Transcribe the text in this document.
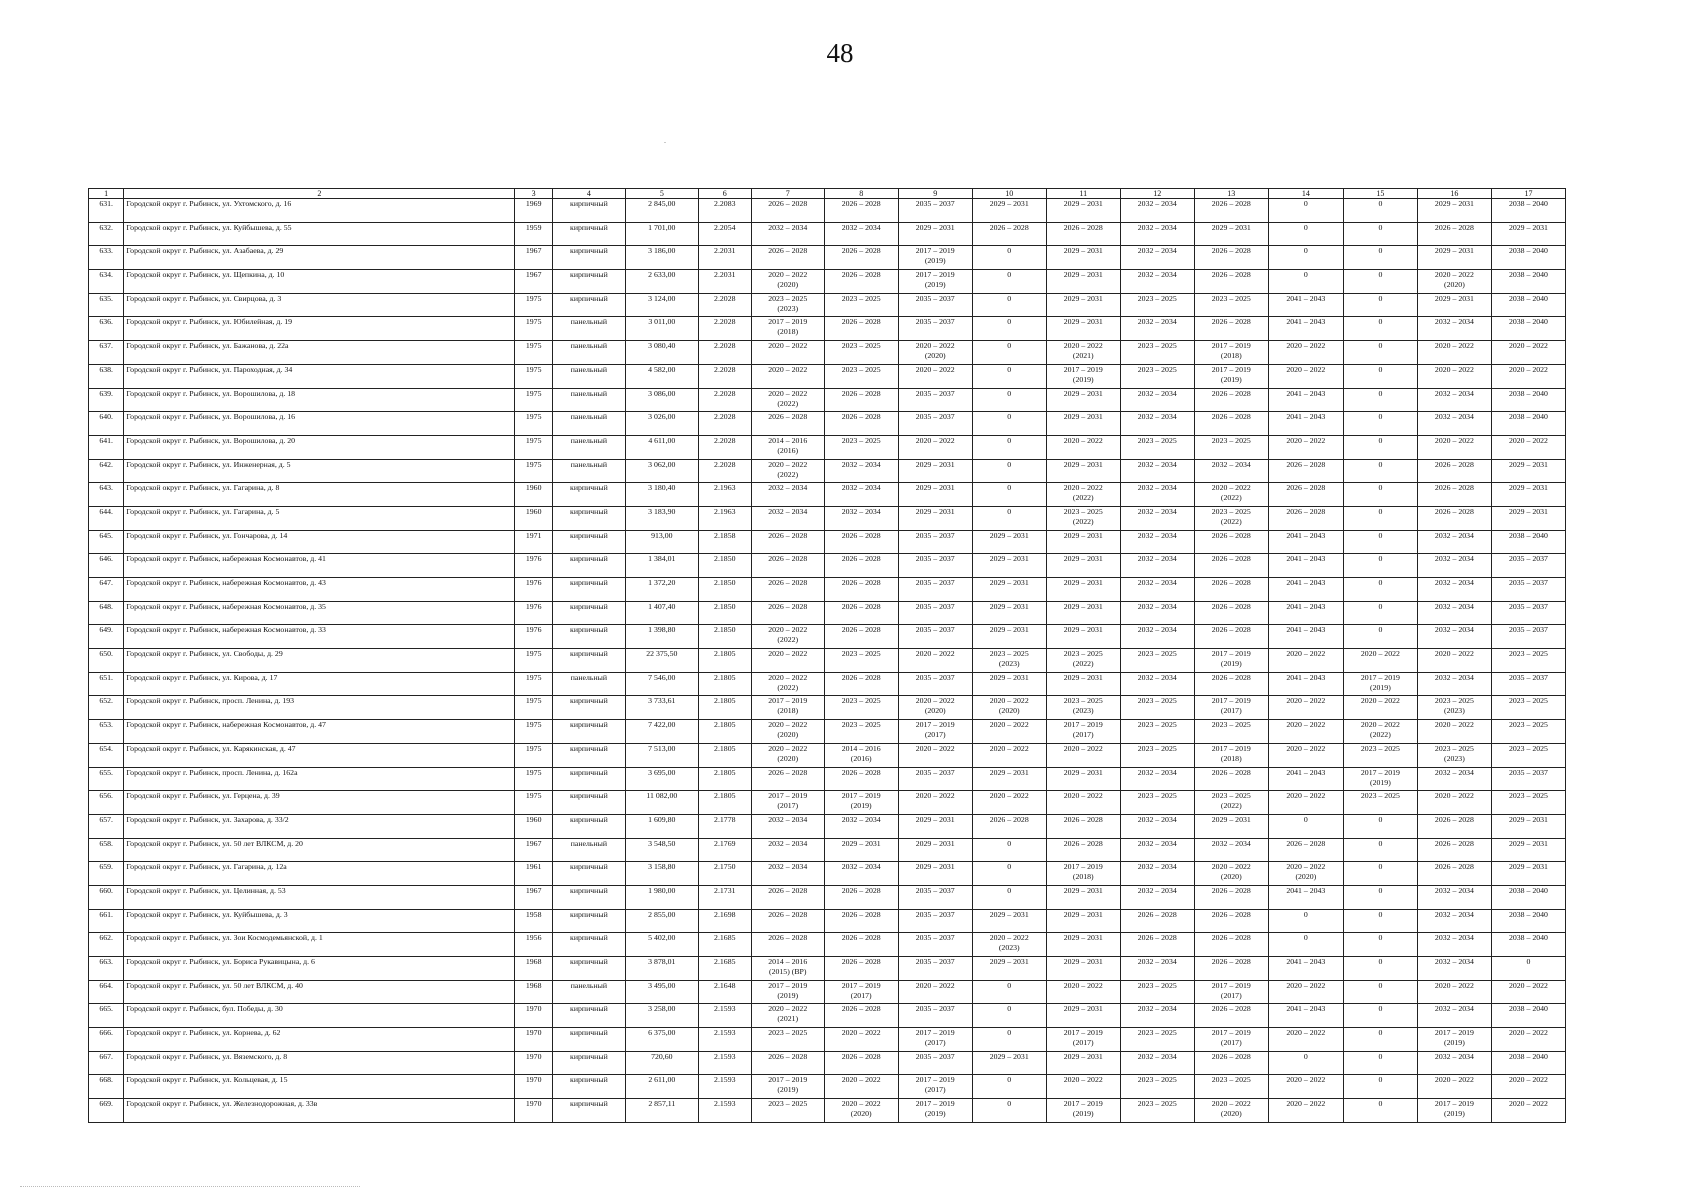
48
.
1	2	3	4	5	6	7	8	9	10	11	12	13	14	15	16	17
631.	Городской округ г. Рыбинск, ул. Ухтомского, д. 16	1969	кирпичный	2 845,00	2.2083	2026 – 2028	2026 – 2028	2035 – 2037	2029 – 2031	2029 – 2031	2032 – 2034	2026 – 2028	0	0	2029 – 2031	2038 – 2040

632.	Городской округ г. Рыбинск, ул. Куйбышева, д. 55	1959	кирпичный	1 701,00	2.2054	2032 – 2034	2032 – 2034	2029 – 2031	2026 – 2028	2026 – 2028	2032 – 2034	2029 – 2031	0	0	2026 – 2028	2029 – 2031

633.	Городской округ г. Рыбинск, ул. Азабаева, д. 29	1967	кирпичный	3 186,00	2.2031	2026 – 2028	2026 – 2028	2017 – 2019
(2019)	0	2029 – 2031	2032 – 2034	2026 – 2028	0	0	2029 – 2031	2038 – 2040

634.	Городской округ г. Рыбинск, ул. Щепкина, д. 10	1967	кирпичный	2 633,00	2.2031	2020 – 2022
(2020)	2026 – 2028	2017 – 2019
(2019)	0	2029 – 2031	2032 – 2034	2026 – 2028	0	0	2020 – 2022
(2020)	2038 – 2040

635.	Городской округ г. Рыбинск, ул. Свирцова, д. 3	1975	кирпичный	3 124,00	2.2028	2023 – 2025
(2023)	2023 – 2025	2035 – 2037	0	2029 – 2031	2023 – 2025	2023 – 2025	2041 – 2043	0	2029 – 2031	2038 – 2040

636.	Городской округ г. Рыбинск, ул. Юбилейная, д. 19	1975	панельный	3 011,00	2.2028	2017 – 2019
(2018)	2026 – 2028	2035 – 2037	0	2029 – 2031	2032 – 2034	2026 – 2028	2041 – 2043	0	2032 – 2034	2038 – 2040

637.	Городской округ г. Рыбинск, ул. Бажанова, д. 22а	1975	панельный	3 080,40	2.2028	2020 – 2022	2023 – 2025	2020 – 2022
(2020)	0	2020 – 2022
(2021)	2023 – 2025	2017 – 2019
(2018)	2020 – 2022	0	2020 – 2022	2020 – 2022

638.	Городской округ г. Рыбинск, ул. Пароходная, д. 34	1975	панельный	4 582,00	2.2028	2020 – 2022	2023 – 2025	2020 – 2022	0	2017 – 2019
(2019)	2023 – 2025	2017 – 2019
(2019)	2020 – 2022	0	2020 – 2022	2020 – 2022

639.	Городской округ г. Рыбинск, ул. Ворошилова, д. 18	1975	панельный	3 086,00	2.2028	2020 – 2022
(2022)	2026 – 2028	2035 – 2037	0	2029 – 2031	2032 – 2034	2026 – 2028	2041 – 2043	0	2032 – 2034	2038 – 2040

640.	Городской округ г. Рыбинск, ул. Ворошилова, д. 16	1975	панельный	3 026,00	2.2028	2026 – 2028	2026 – 2028	2035 – 2037	0	2029 – 2031	2032 – 2034	2026 – 2028	2041 – 2043	0	2032 – 2034	2038 – 2040

641.	Городской округ г. Рыбинск, ул. Ворошилова, д. 20	1975	панельный	4 611,00	2.2028	2014 – 2016
(2016)	2023 – 2025	2020 – 2022	0	2020 – 2022	2023 – 2025	2023 – 2025	2020 – 2022	0	2020 – 2022	2020 – 2022

642.	Городской округ г. Рыбинск, ул. Инженерная, д. 5	1975	панельный	3 062,00	2.2028	2020 – 2022
(2022)	2032 – 2034	2029 – 2031	0	2029 – 2031	2032 – 2034	2032 – 2034	2026 – 2028	0	2026 – 2028	2029 – 2031

643.	Городской округ г. Рыбинск, ул. Гагарина, д. 8	1960	кирпичный	3 180,40	2.1963	2032 – 2034	2032 – 2034	2029 – 2031	0	2020 – 2022
(2022)	2032 – 2034	2020 – 2022
(2022)	2026 – 2028	0	2026 – 2028	2029 – 2031

644.	Городской округ г. Рыбинск, ул. Гагарина, д. 5	1960	кирпичный	3 183,90	2.1963	2032 – 2034	2032 – 2034	2029 – 2031	0	2023 – 2025
(2022)	2032 – 2034	2023 – 2025
(2022)	2026 – 2028	0	2026 – 2028	2029 – 2031

645.	Городской округ г. Рыбинск, ул. Гончарова, д. 14	1971	кирпичный	913,00	2.1858	2026 – 2028	2026 – 2028	2035 – 2037	2029 – 2031	2029 – 2031	2032 – 2034	2026 – 2028	2041 – 2043	0	2032 – 2034	2038 – 2040

646.	Городской округ г. Рыбинск, набережная Космонавтов, д. 41	1976	кирпичный	1 384,01	2.1850	2026 – 2028	2026 – 2028	2035 – 2037	2029 – 2031	2029 – 2031	2032 – 2034	2026 – 2028	2041 – 2043	0	2032 – 2034	2035 – 2037

647.	Городской округ г. Рыбинск, набережная Космонавтов, д. 43	1976	кирпичный	1 372,20	2.1850	2026 – 2028	2026 – 2028	2035 – 2037	2029 – 2031	2029 – 2031	2032 – 2034	2026 – 2028	2041 – 2043	0	2032 – 2034	2035 – 2037

648.	Городской округ г. Рыбинск, набережная Космонавтов, д. 35	1976	кирпичный	1 407,40	2.1850	2026 – 2028	2026 – 2028	2035 – 2037	2029 – 2031	2029 – 2031	2032 – 2034	2026 – 2028	2041 – 2043	0	2032 – 2034	2035 – 2037

649.	Городской округ г. Рыбинск, набережная Космонавтов, д. 33	1976	кирпичный	1 398,80	2.1850	2020 – 2022
(2022)	2026 – 2028	2035 – 2037	2029 – 2031	2029 – 2031	2032 – 2034	2026 – 2028	2041 – 2043	0	2032 – 2034	2035 – 2037

650.	Городской округ г. Рыбинск, ул. Свободы, д. 29	1975	кирпичный	22 375,50	2.1805	2020 – 2022	2023 – 2025	2020 – 2022	2023 – 2025
(2023)	2023 – 2025
(2022)	2023 – 2025	2017 – 2019
(2019)	2020 – 2022	2020 – 2022	2020 – 2022	2023 – 2025

651.	Городской округ г. Рыбинск, ул. Кирова, д. 17	1975	панельный	7 546,00	2.1805	2020 – 2022
(2022)	2026 – 2028	2035 – 2037	2029 – 2031	2029 – 2031	2032 – 2034	2026 – 2028	2041 – 2043	2017 – 2019
(2019)	2032 – 2034	2035 – 2037

652.	Городской округ г. Рыбинск, просп. Ленина, д. 193	1975	кирпичный	3 733,61	2.1805	2017 – 2019
(2018)	2023 – 2025	2020 – 2022
(2020)	2020 – 2022
(2020)	2023 – 2025
(2023)	2023 – 2025	2017 – 2019
(2017)	2020 – 2022	2020 – 2022	2023 – 2025
(2023)	2023 – 2025

653.	Городской округ г. Рыбинск, набережная Космонавтов, д. 47	1975	кирпичный	7 422,00	2.1805	2020 – 2022
(2020)	2023 – 2025	2017 – 2019
(2017)	2020 – 2022	2017 – 2019
(2017)	2023 – 2025	2023 – 2025	2020 – 2022	2020 – 2022
(2022)	2020 – 2022	2023 – 2025

654.	Городской округ г. Рыбинск, ул. Карякинская, д. 47	1975	кирпичный	7 513,00	2.1805	2020 – 2022
(2020)	2014 – 2016
(2016)	2020 – 2022	2020 – 2022	2020 – 2022	2023 – 2025	2017 – 2019
(2018)	2020 – 2022	2023 – 2025	2023 – 2025
(2023)	2023 – 2025

655.	Городской округ г. Рыбинск, просп. Ленина, д. 162а	1975	кирпичный	3 695,00	2.1805	2026 – 2028	2026 – 2028	2035 – 2037	2029 – 2031	2029 – 2031	2032 – 2034	2026 – 2028	2041 – 2043	2017 – 2019
(2019)	2032 – 2034	2035 – 2037

656.	Городской округ г. Рыбинск, ул. Герцена, д. 39	1975	кирпичный	11 082,00	2.1805	2017 – 2019
(2017)	2017 – 2019
(2019)	2020 – 2022	2020 – 2022	2020 – 2022	2023 – 2025	2023 – 2025
(2022)	2020 – 2022	2023 – 2025	2020 – 2022	2023 – 2025

657.	Городской округ г. Рыбинск, ул. Захарова, д. 33/2	1960	кирпичный	1 609,80	2.1778	2032 – 2034	2032 – 2034	2029 – 2031	2026 – 2028	2026 – 2028	2032 – 2034	2029 – 2031	0	0	2026 – 2028	2029 – 2031

658.	Городской округ г. Рыбинск, ул. 50 лет ВЛКСМ, д. 20	1967	панельный	3 548,50	2.1769	2032 – 2034	2029 – 2031	2029 – 2031	0	2026 – 2028	2032 – 2034	2032 – 2034	2026 – 2028	0	2026 – 2028	2029 – 2031

659.	Городской округ г. Рыбинск, ул. Гагарина, д. 12а	1961	кирпичный	3 158,80	2.1750	2032 – 2034	2032 – 2034	2029 – 2031	0	2017 – 2019
(2018)	2032 – 2034	2020 – 2022
(2020)	2020 – 2022
(2020)	0	2026 – 2028	2029 – 2031

660.	Городской округ г. Рыбинск, ул. Целинная, д. 53	1967	кирпичный	1 980,00	2.1731	2026 – 2028	2026 – 2028	2035 – 2037	0	2029 – 2031	2032 – 2034	2026 – 2028	2041 – 2043	0	2032 – 2034	2038 – 2040

661.	Городской округ г. Рыбинск, ул. Куйбышева, д. 3	1958	кирпичный	2 855,00	2.1698	2026 – 2028	2026 – 2028	2035 – 2037	2029 – 2031	2029 – 2031	2026 – 2028	2026 – 2028	0	0	2032 – 2034	2038 – 2040

662.	Городской округ г. Рыбинск, ул. Зои Космодемьянской, д. 1	1956	кирпичный	5 402,00	2.1685	2026 – 2028	2026 – 2028	2035 – 2037	2020 – 2022
(2023)	2029 – 2031	2026 – 2028	2026 – 2028	0	0	2032 – 2034	2038 – 2040

663.	Городской округ г. Рыбинск, ул. Бориса Рукавицына, д. 6	1968	кирпичный	3 878,01	2.1685	2014 – 2016
(2015) (ВР)	2026 – 2028	2035 – 2037	2029 – 2031	2029 – 2031	2032 – 2034	2026 – 2028	2041 – 2043	0	2032 – 2034	0

664.	Городской округ г. Рыбинск, ул. 50 лет ВЛКСМ, д. 40	1968	панельный	3 495,00	2.1648	2017 – 2019
(2019)	2017 – 2019
(2017)	2020 – 2022	0	2020 – 2022	2023 – 2025	2017 – 2019
(2017)	2020 – 2022	0	2020 – 2022	2020 – 2022

665.	Городской округ г. Рыбинск, бул. Победы, д. 30	1970	кирпичный	3 258,00	2.1593	2020 – 2022
(2021)	2026 – 2028	2035 – 2037	0	2029 – 2031	2032 – 2034	2026 – 2028	2041 – 2043	0	2032 – 2034	2038 – 2040

666.	Городской округ г. Рыбинск, ул. Корнева, д. 62	1970	кирпичный	6 375,00	2.1593	2023 – 2025	2020 – 2022	2017 – 2019
(2017)	0	2017 – 2019
(2017)	2023 – 2025	2017 – 2019
(2017)	2020 – 2022	0	2017 – 2019
(2019)	2020 – 2022

667.	Городской округ г. Рыбинск, ул. Вяземского, д. 8	1970	кирпичный	720,60	2.1593	2026 – 2028	2026 – 2028	2035 – 2037	2029 – 2031	2029 – 2031	2032 – 2034	2026 – 2028	0	0	2032 – 2034	2038 – 2040

668.	Городской округ г. Рыбинск, ул. Кольцевая, д. 15	1970	кирпичный	2 611,00	2.1593	2017 – 2019
(2019)	2020 – 2022	2017 – 2019
(2017)	0	2020 – 2022	2023 – 2025	2023 – 2025	2020 – 2022	0	2020 – 2022	2020 – 2022

669.	Городской округ г. Рыбинск, ул. Железнодорожная, д. 33в	1970	кирпичный	2 857,11	2.1593	2023 – 2025	2020 – 2022
(2020)	2017 – 2019
(2019)	0	2017 – 2019
(2019)	2023 – 2025	2020 – 2022
(2020)	2020 – 2022	0	2017 – 2019
(2019)	2020 – 2022
